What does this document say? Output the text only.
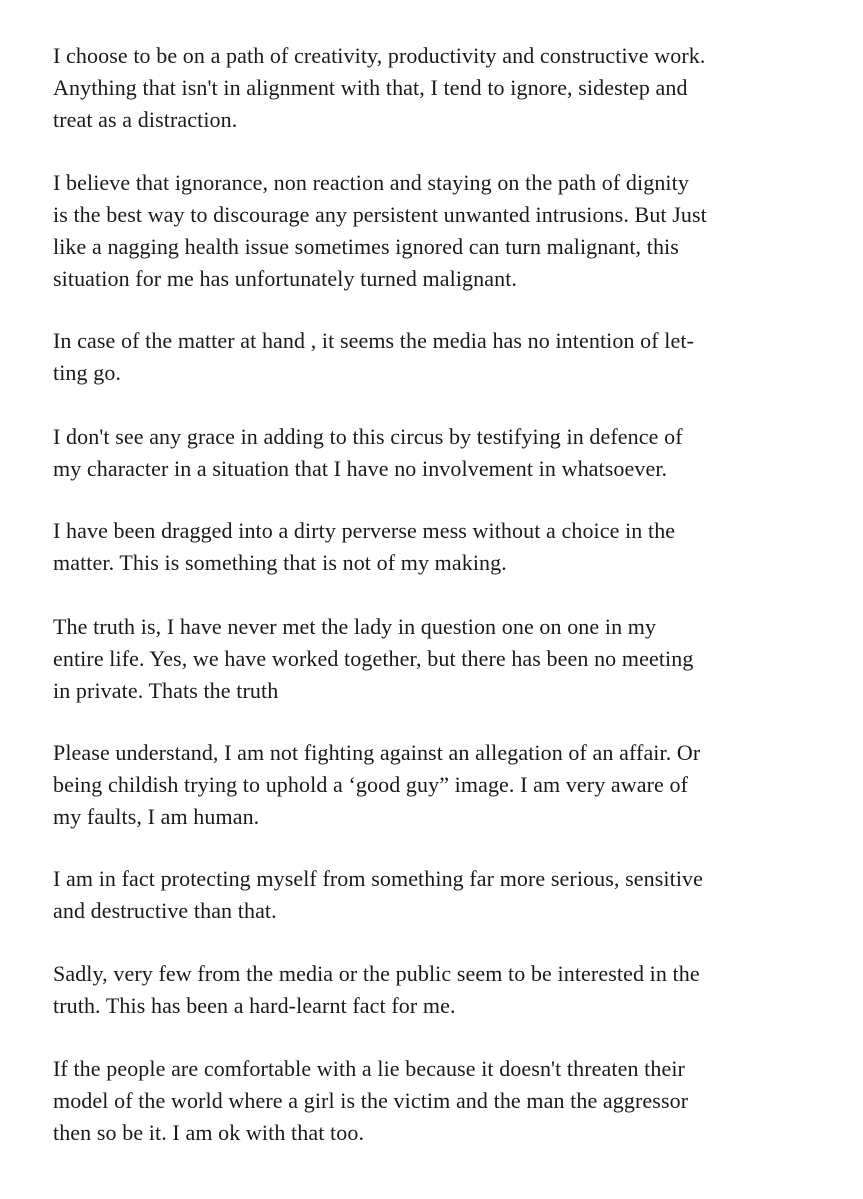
I choose to be on a path of creativity, productivity and constructive work.
Anything that isn't in alignment with that, I tend to ignore, sidestep and
treat as a distraction.

I believe that ignorance, non reaction and staying on the path of dignity
is the best way to discourage any persistent unwanted intrusions. But Just
like a nagging health issue sometimes ignored can turn malignant, this
situation for me has unfortunately turned malignant.

In case of the matter at hand , it seems the media has no intention of let-
ting go.

I don't see any grace in adding to this circus by testifying in defence of
my character in a situation that I have no involvement in whatsoever.

I have been dragged into a dirty perverse mess without a choice in the
matter. This is something that is not of my making.

The truth is, I have never met the lady in question one on one in my
entire life. Yes, we have worked together, but there has been no meeting
in private. Thats the truth

Please understand, I am not fighting against an allegation of an affair. Or
being childish trying to uphold a ‘good guy” image. I am very aware of
my faults, I am human.

I am in fact protecting myself from something far more serious, sensitive
and destructive than that.

Sadly, very few from the media or the public seem to be interested in the
truth. This has been a hard-learnt fact for me.

If the people are comfortable with a lie because it doesn't threaten their
model of the world where a girl is the victim and the man the aggressor
then so be it. I am ok with that too.
